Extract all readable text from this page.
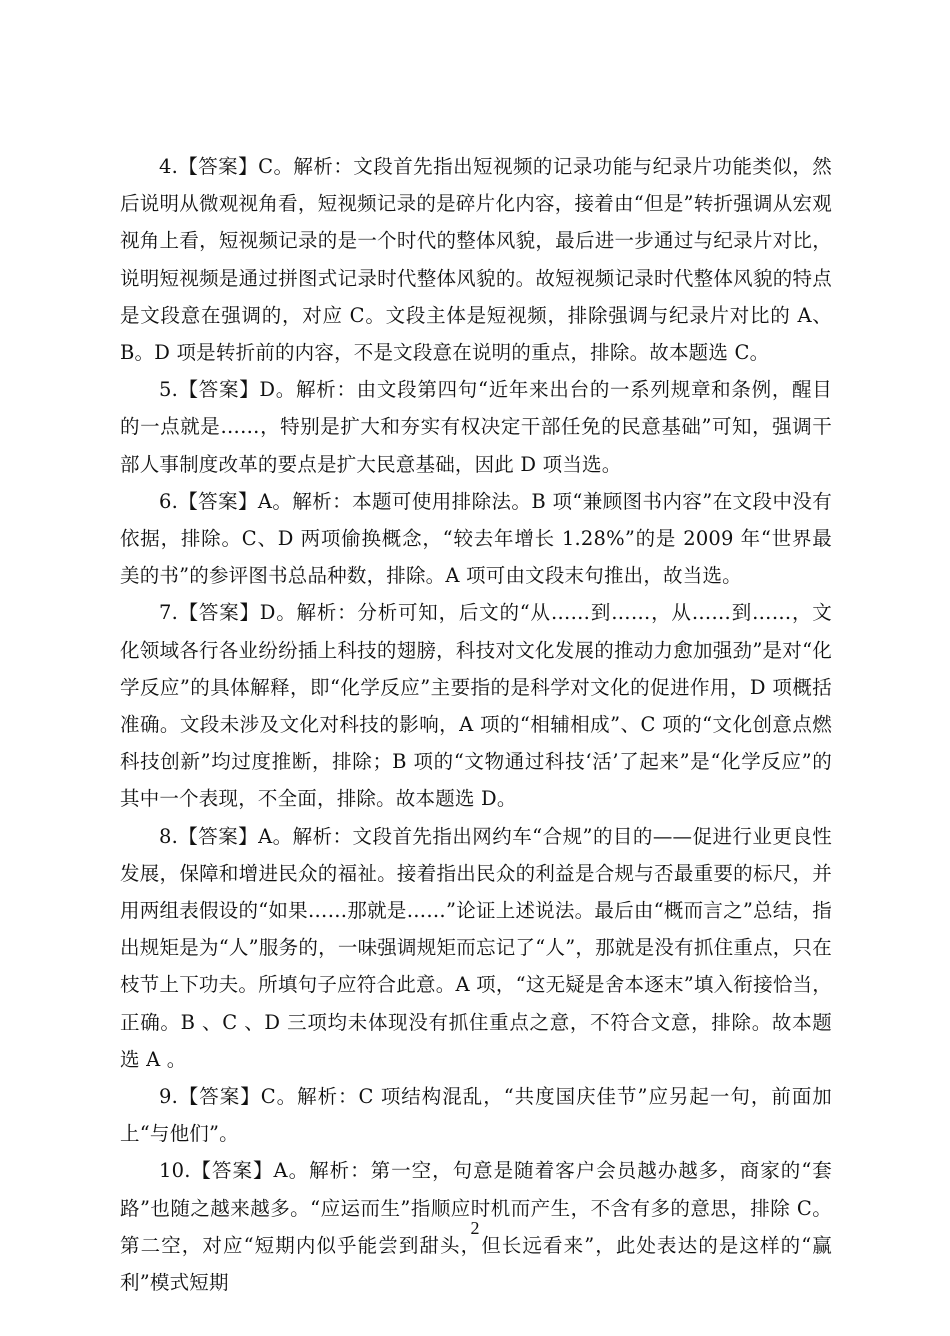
4.【答案】C。解析：文段首先指出短视频的记录功能与纪录片功能类似，然后说明从微观视角看，短视频记录的是碎片化内容，接着由“但是”转折强调从宏观视角上看，短视频记录的是一个时代的整体风貌，最后进一步通过与纪录片对比，说明短视频是通过拼图式记录时代整体风貌的。故短视频记录时代整体风貌的特点是文段意在强调的，对应 C。文段主体是短视频，排除强调与纪录片对比的 A、B。D 项是转折前的内容，不是文段意在说明的重点，排除。故本题选 C。

5.【答案】D。解析：由文段第四句“近年来出台的一系列规章和条例，醒目的一点就是……，特别是扩大和夯实有权决定干部任免的民意基础”可知，强调干部人事制度改革的要点是扩大民意基础，因此 D 项当选。

6.【答案】A。解析：本题可使用排除法。B 项“兼顾图书内容”在文段中没有依据，排除。C、D 两项偷换概念，“较去年增长 1.28%”的是 2009 年“世界最美的书”的参评图书总品种数，排除。A 项可由文段末句推出，故当选。

7.【答案】D。解析：分析可知，后文的“从……到……，从……到……，文化领域各行各业纷纷插上科技的翅膀，科技对文化发展的推动力愈加强劲”是对“化学反应”的具体解释，即“化学反应”主要指的是科学对文化的促进作用，D 项概括准确。文段未涉及文化对科技的影响，A 项的“相辅相成”、C 项的“文化创意点燃科技创新”均过度推断，排除；B 项的“文物通过科技‘活’了起来”是“化学反应”的其中一个表现，不全面，排除。故本题选 D。

8.【答案】A。解析：文段首先指出网约车“合规”的目的——促进行业更良性发展，保障和增进民众的福祉。接着指出民众的利益是合规与否最重要的标尺，并用两组表假设的“如果……那就是……”论证上述说法。最后由“概而言之”总结，指出规矩是为“人”服务的，一味强调规矩而忘记了“人”，那就是没有抓住重点，只在枝节上下功夫。所填句子应符合此意。A 项，“这无疑是舍本逐末”填入衔接恰当，正确。B 、C 、D 三项均未体现没有抓住重点之意，不符合文意，排除。故本题选 A 。

9.【答案】C。解析：C 项结构混乱，“共度国庆佳节”应另起一句，前面加上“与他们”。

10.【答案】A。解析：第一空，句意是随着客户会员越办越多，商家的“套路”也随之越来越多。“应运而生”指顺应时机而产生，不含有多的意思，排除 C。第二空，对应“短期内似乎能尝到甜头，但长远看来”，此处表达的是这样的“赢利”模式短期

2
